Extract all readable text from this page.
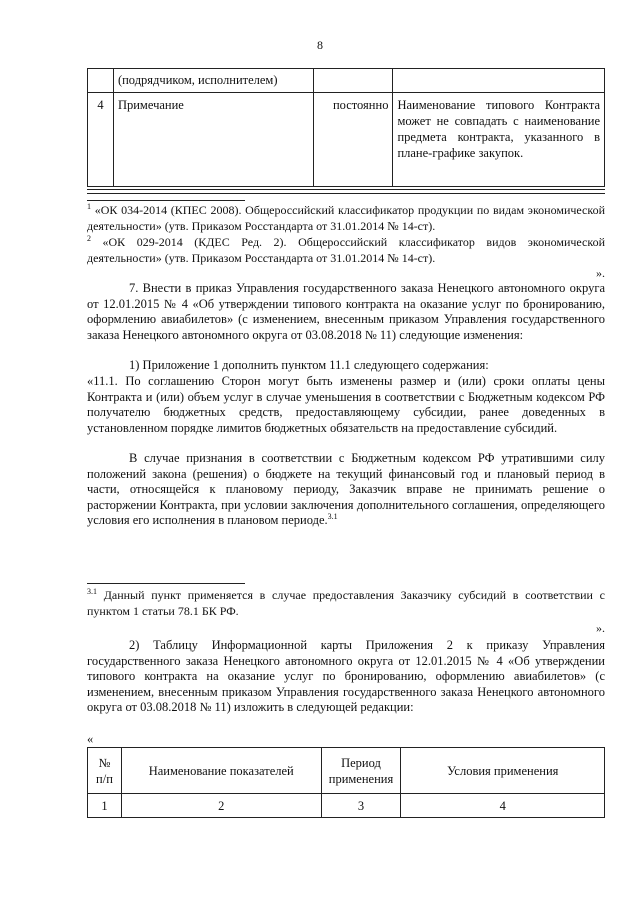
8
	(подрядчиком, исполнителем)		
4	Примечание	постоянно	Наименование типового Контракта может не совпадать с наименование предмета контракта, указанного в плане-графике закупок.
$^1$ «ОК 034-2014 (КПЕС 2008). Общероссийский классификатор продукции по видам экономической деятельности» (утв. Приказом Росстандарта от 31.01.2014 № 14-ст).
$^2$ «ОК 029-2014 (КДЕС Ред. 2). Общероссийский классификатор видов экономической деятельности» (утв. Приказом Росстандарта от 31.01.2014 № 14-ст).
».
7. Внести в приказ Управления государственного заказа Ненецкого автономного округа от 12.01.2015 № 4 «Об утверждении типового контракта на оказание услуг по бронированию, оформлению авиабилетов» (с изменением, внесенным приказом Управления государственного заказа Ненецкого автономного округа от 03.08.2018 № 11) следующие изменения:
1) Приложение 1 дополнить пунктом 11.1 следующего содержания:
«11.1. По соглашению Сторон могут быть изменены размер и (или) сроки оплаты цены Контракта и (или) объем услуг в случае уменьшения в соответствии с Бюджетным кодексом РФ получателю бюджетных средств, предоставляющему субсидии, ранее доведенных в установленном порядке лимитов бюджетных обязательств на предоставление субсидий.
В случае признания в соответствии с Бюджетным кодексом РФ утратившими силу положений закона (решения) о бюджете на текущий финансовый год и плановый период в части, относящейся к плановому периоду, Заказчик вправе не принимать решение о расторжении Контракта, при условии заключения дополнительного соглашения, определяющего условия его исполнения в плановом периоде.$^{3.1}$
$^{3.1}$ Данный пункт применяется в случае предоставления Заказчику субсидий в соответствии с пунктом 1 статьи 78.1 БК РФ.
».
2) Таблицу Информационной карты Приложения 2 к приказу Управления государственного заказа Ненецкого автономного округа от 12.01.2015 № 4 «Об утверждении типового контракта на оказание услуг по бронированию, оформлению авиабилетов» (с изменением, внесенным приказом Управления государственного заказа Ненецкого автономного округа от 03.08.2018 № 11) изложить в следующей редакции:
«
№ п/п	Наименование показателей	Период применения	Условия применения
1	2	3	4
